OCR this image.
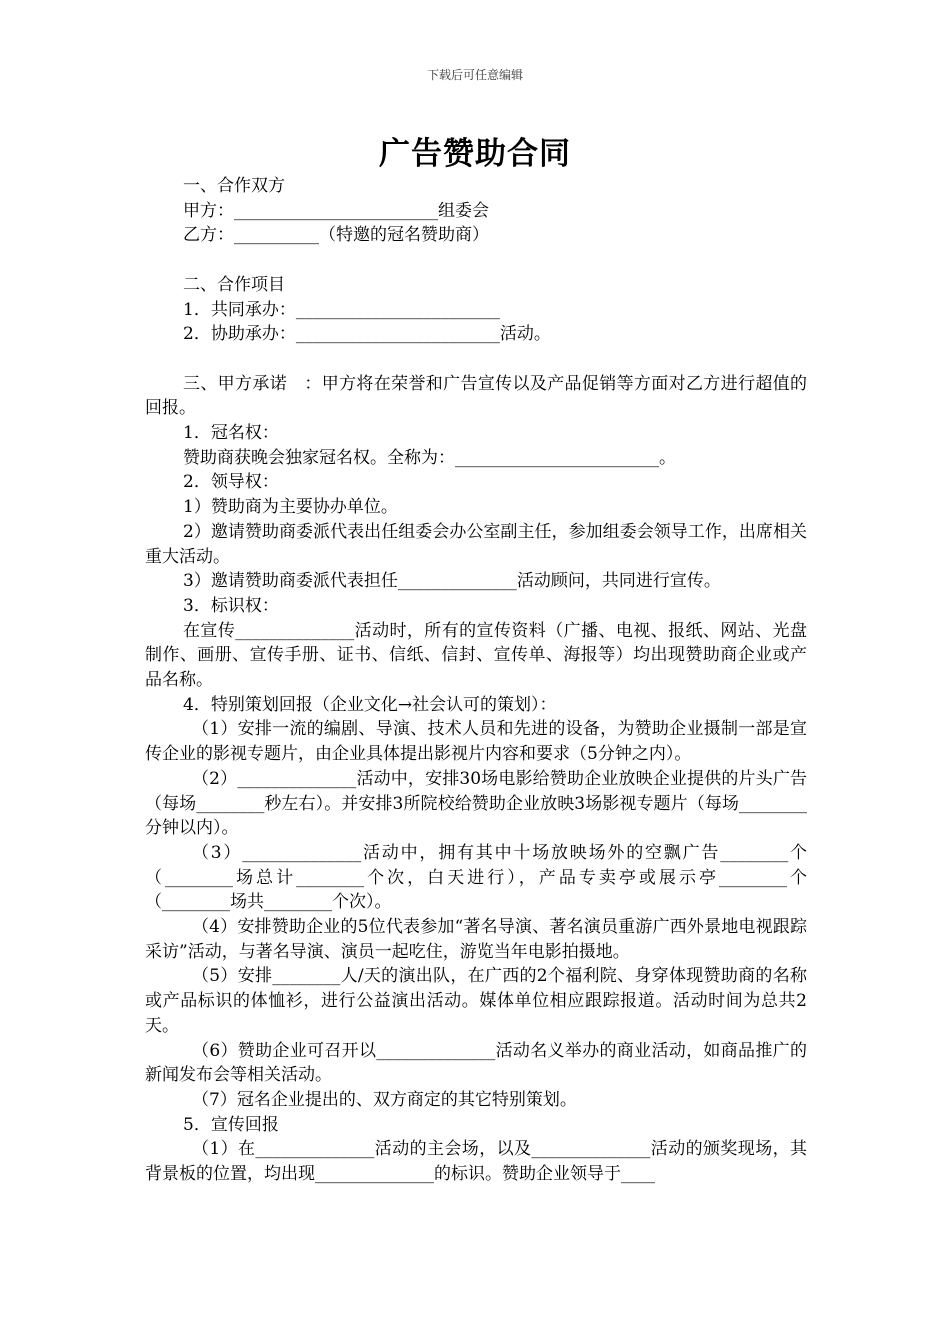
下载后可任意编辑
广告赞助合同

一、合作双方

甲方：________________________组委会

乙方：__________（特邀的冠名赞助商）

二、合作项目

1．共同承办：________________________

2．协助承办：________________________活动。

三、甲方承诺　：甲方将在荣誉和广告宣传以及产品促销等方面对乙方进行超值的回报。

1．冠名权：

赞助商获晚会独家冠名权。全称为：________________________。

2．领导权：

1）赞助商为主要协办单位。

2）邀请赞助商委派代表出任组委会办公室副主任，参加组委会领导工作，出席相关重大活动。

3）邀请赞助商委派代表担任______________活动顾问，共同进行宣传。

3．标识权：

在宣传______________活动时，所有的宣传资料（广播、电视、报纸、网站、光盘制作、画册、宣传手册、证书、信纸、信封、宣传单、海报等）均出现赞助商企业或产品名称。

4．特别策划回报（企业文化→社会认可的策划）：

（1）安排一流的编剧、导演、技术人员和先进的设备，为赞助企业摄制一部是宣传企业的影视专题片，由企业具体提出影视片内容和要求（5分钟之内）。

（2）______________活动中，安排30场电影给赞助企业放映企业提供的片头广告（每场________秒左右）。并安排3所院校给赞助企业放映3场影视专题片（每场________分钟以内）。

（3）______________活动中，拥有其中十场放映场外的空飘广告________个（________场总计________个次，白天进行），产品专卖亭或展示亭________个（________场共________个次）。

（4）安排赞助企业的5位代表参加“著名导演、著名演员重游广西外景地电视跟踪采访”活动，与著名导演、演员一起吃住，游览当年电影拍摄地。

（5）安排________人/天的演出队，在广西的2个福利院、身穿体现赞助商的名称或产品标识的体恤衫，进行公益演出活动。媒体单位相应跟踪报道。活动时间为总共2天。

（6）赞助企业可召开以______________活动名义举办的商业活动，如商品推广的新闻发布会等相关活动。

（7）冠名企业提出的、双方商定的其它特别策划。

5．宣传回报

（1）在______________活动的主会场，以及______________活动的颁奖现场，其背景板的位置，均出现______________的标识。赞助企业领导于____
